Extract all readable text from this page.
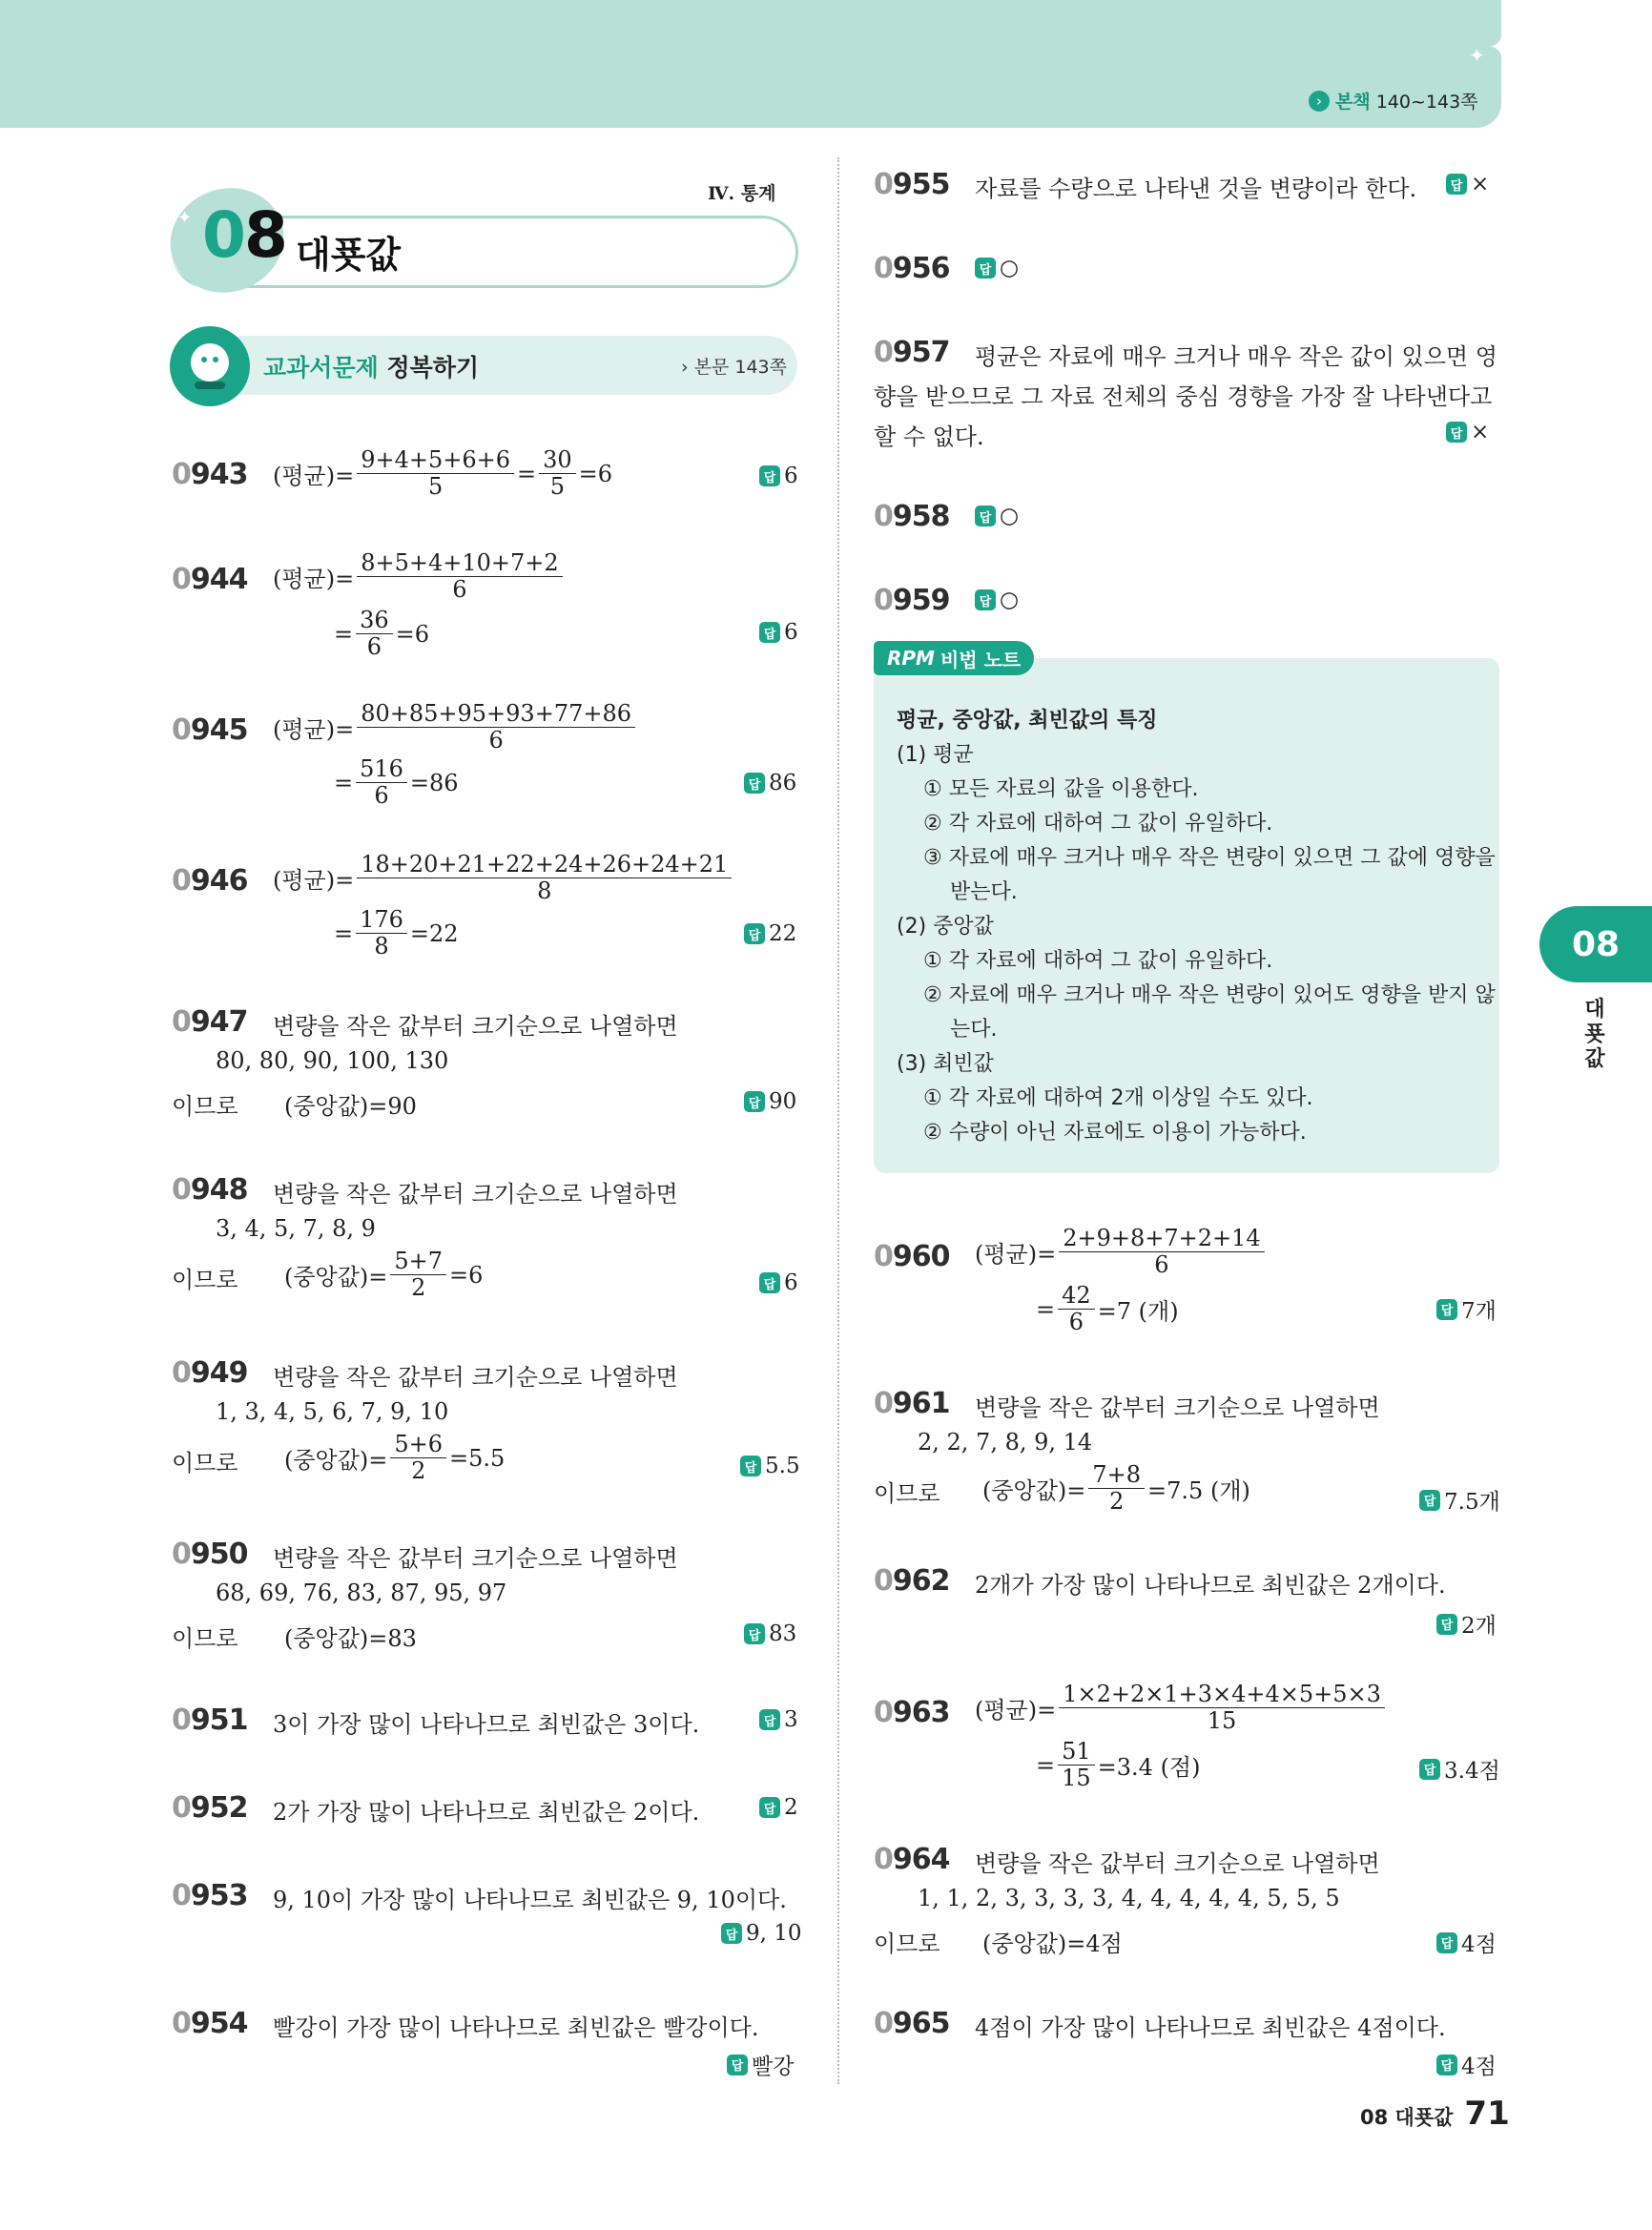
✦
✦
› 본책 140~143쪽
Ⅳ. 통계
✦
✦ 08 대푯값
교과서문제 정복하기	› 본문 143쪽
0943 (평균)= $\frac{9+4+5+6+6}{5} = \frac{30}{5} =6$	답 6
0944 (평균)= $\frac{8+5+4+10+7+2}{6}$
= $\frac{36}{6} =6$	답 6
0945 (평균)= $\frac{80+85+95+93+77+86}{6}$
= $\frac{516}{6} =86$	답 86
0946 (평균)= $\frac{18+20+21+22+24+26+24+21}{8}$
= $\frac{176}{8} =22$	답 22
0947 변량을 작은 값부터 크기순으로 나열하면
80, 80, 90, 100, 130
이므로 (중앙값)=90	답 90
0948 변량을 작은 값부터 크기순으로 나열하면
3, 4, 5, 7, 8, 9
이므로 (중앙값)= $\frac{5+7}{2} =6$	답 6
0949 변량을 작은 값부터 크기순으로 나열하면
1, 3, 4, 5, 6, 7, 9, 10
이므로 (중앙값)= $\frac{5+6}{2} =5.5$	답 5.5
0950 변량을 작은 값부터 크기순으로 나열하면
68, 69, 76, 83, 87, 95, 97
이므로 (중앙값)=83	답 83
0951 3이 가장 많이 나타나므로 최빈값은 3이다.	답 3
0952 2가 가장 많이 나타나므로 최빈값은 2이다.	답 2
0953 9, 10이 가장 많이 나타나므로 최빈값은 9, 10이다.
답 9, 10
0954 빨강이 가장 많이 나타나므로 최빈값은 빨강이다.
답 빨강
0955 자료를 수량으로 나타낸 것을 변량이라 한다.	답 ×
0956	답 ○
0957 평균은 자료에 매우 크거나 매우 작은 값이 있으면 영
향을 받으므로 그 자료 전체의 중심 경향을 가장 잘 나타낸다고
할 수 없다.	답 ×
0958	답 ○
0959	답 ○
RPM 비법 노트
평균, 중앙값, 최빈값의 특징
(1) 평균
① 모든 자료의 값을 이용한다.
② 각 자료에 대하여 그 값이 유일하다.
③ 자료에 매우 크거나 매우 작은 변량이 있으면 그 값에 영향을
받는다.
(2) 중앙값
① 각 자료에 대하여 그 값이 유일하다.
② 자료에 매우 크거나 매우 작은 변량이 있어도 영향을 받지 않
는다.
(3) 최빈값
① 각 자료에 대하여 2개 이상일 수도 있다.
② 수량이 아닌 자료에도 이용이 가능하다.
0960 (평균)= $\frac{2+9+8+7+2+14}{6}$
= $\frac{42}{6} =7$ (개)	답 7개
0961 변량을 작은 값부터 크기순으로 나열하면
2, 2, 7, 8, 9, 14
이므로 (중앙값)= $\frac{7+8}{2} =7.5$ (개)	답 7.5개
0962 2개가 가장 많이 나타나므로 최빈값은 2개이다.
답 2개
0963 (평균)= $\frac{1\times 2+2\times 1+3\times 4+4\times 5+5\times 3}{15}$
= $\frac{51}{15} =3.4$ (점)	답 3.4점
0964 변량을 작은 값부터 크기순으로 나열하면
1, 1, 2, 3, 3, 3, 3, 4, 4, 4, 4, 4, 5, 5, 5
이므로 (중앙값)=4점	답 4점
0965 4점이 가장 많이 나타나므로 최빈값은 4점이다.
답 4점
08
대푯값
08 대푯값 71
